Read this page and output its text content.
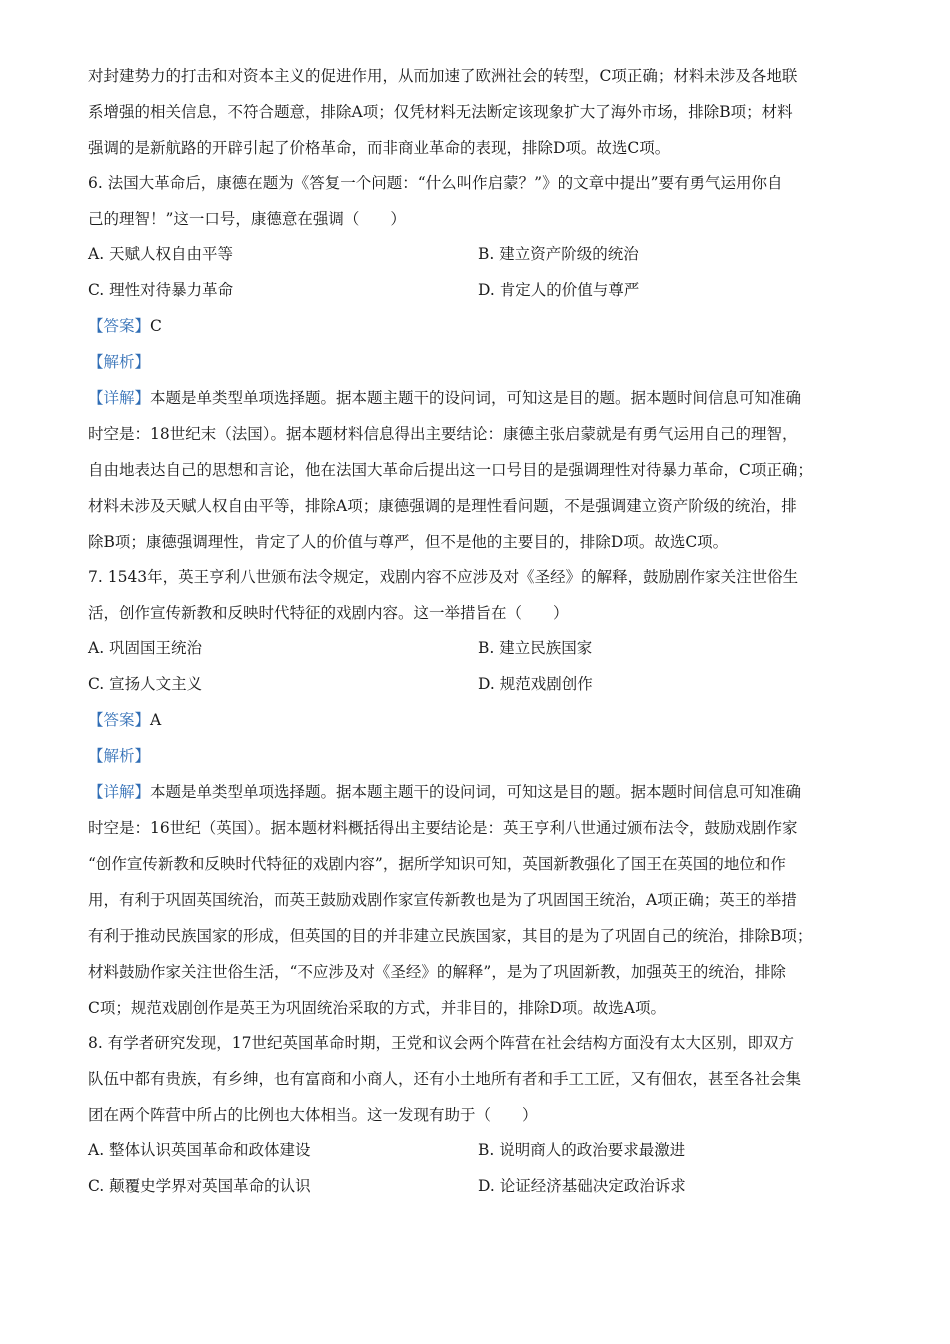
对封建势力的打击和对资本主义的促进作用，从而加速了欧洲社会的转型，C项正确；材料未涉及各地联
系增强的相关信息，不符合题意，排除A项；仅凭材料无法断定该现象扩大了海外市场，排除B项；材料
强调的是新航路的开辟引起了价格革命，而非商业革命的表现，排除D项。故选C项。
6. 法国大革命后，康德在题为《答复一个问题：“什么叫作启蒙？”》的文章中提出”要有勇气运用你自
己的理智！”这一口号，康德意在强调（　　）
A. 天赋人权自由平等	B. 建立资产阶级的统治
C. 理性对待暴力革命	D. 肯定人的价值与尊严
【答案】C
【解析】
【详解】本题是单类型单项选择题。据本题主题干的设问词，可知这是目的题。据本题时间信息可知准确
时空是：18世纪末（法国）。据本题材料信息得出主要结论：康德主张启蒙就是有勇气运用自己的理智，
自由地表达自己的思想和言论，他在法国大革命后提出这一口号目的是强调理性对待暴力革命，C项正确；
材料未涉及天赋人权自由平等，排除A项；康德强调的是理性看问题，不是强调建立资产阶级的统治，排
除B项；康德强调理性，肯定了人的价值与尊严，但不是他的主要目的，排除D项。故选C项。
7. 1543年，英王亨利八世颁布法令规定，戏剧内容不应涉及对《圣经》的解释，鼓励剧作家关注世俗生
活，创作宣传新教和反映时代特征的戏剧内容。这一举措旨在（　　）
A. 巩固国王统治	B. 建立民族国家
C. 宣扬人文主义	D. 规范戏剧创作
【答案】A
【解析】
【详解】本题是单类型单项选择题。据本题主题干的设问词，可知这是目的题。据本题时间信息可知准确
时空是：16世纪（英国）。据本题材料概括得出主要结论是：英王亨利八世通过颁布法令，鼓励戏剧作家
“创作宣传新教和反映时代特征的戏剧内容”，据所学知识可知，英国新教强化了国王在英国的地位和作
用，有利于巩固英国统治，而英王鼓励戏剧作家宣传新教也是为了巩固国王统治，A项正确；英王的举措
有利于推动民族国家的形成，但英国的目的并非建立民族国家，其目的是为了巩固自己的统治，排除B项；
材料鼓励作家关注世俗生活，“不应涉及对《圣经》的解释”，是为了巩固新教，加强英王的统治，排除
C项；规范戏剧创作是英王为巩固统治采取的方式，并非目的，排除D项。故选A项。
8. 有学者研究发现，17世纪英国革命时期，王党和议会两个阵营在社会结构方面没有太大区别，即双方
队伍中都有贵族，有乡绅，也有富商和小商人，还有小土地所有者和手工工匠，又有佃农，甚至各社会集
团在两个阵营中所占的比例也大体相当。这一发现有助于（　　）
A. 整体认识英国革命和政体建设	B. 说明商人的政治要求最激进
C. 颠覆史学界对英国革命的认识	D. 论证经济基础决定政治诉求
